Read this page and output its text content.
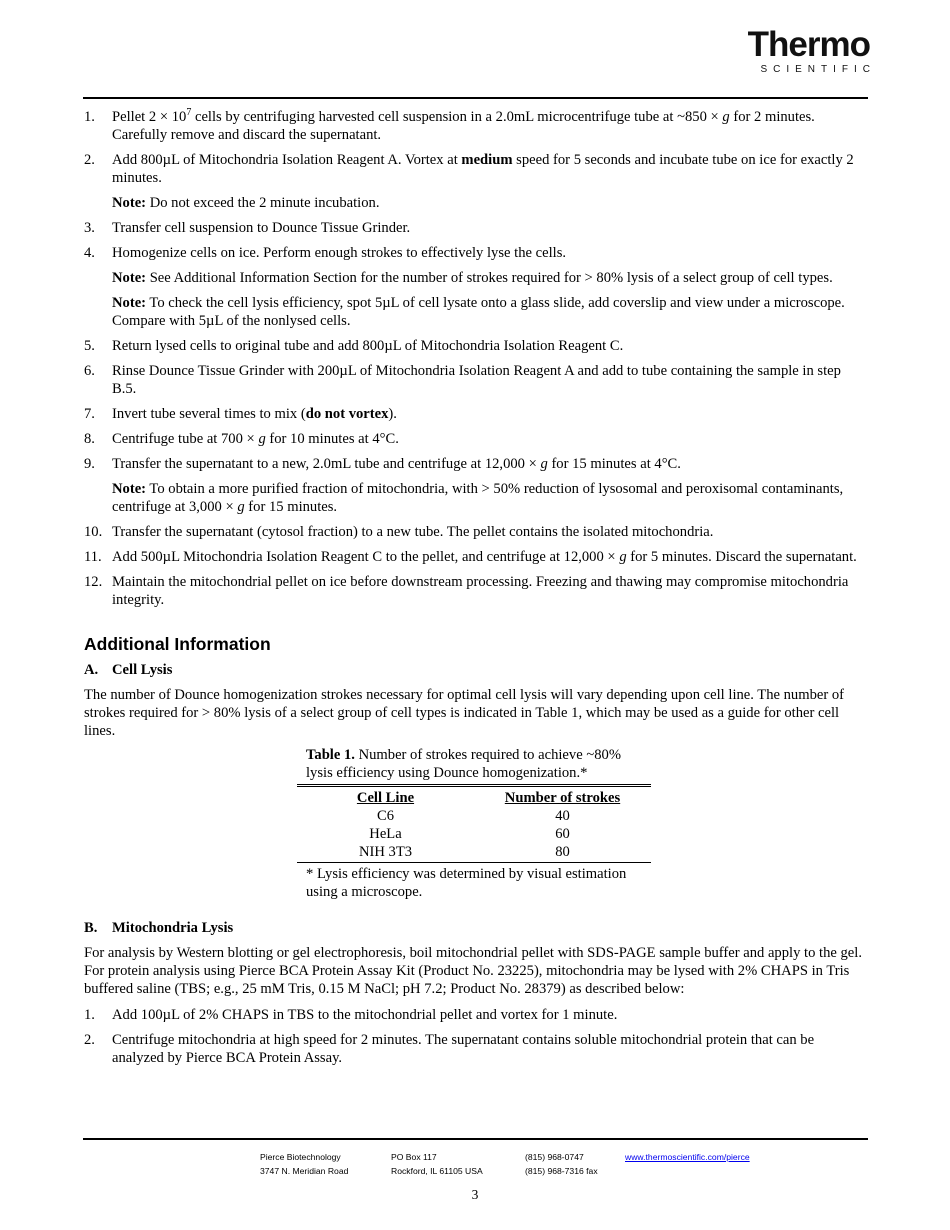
Thermo
SCIENTIFIC
1. Pellet $2 \times 10^7$ cells by centrifuging harvested cell suspension in a 2.0mL microcentrifuge tube at ~850 × g for 2 minutes. Carefully remove and discard the supernatant.
2. Add 800µL of Mitochondria Isolation Reagent A. Vortex at medium speed for 5 seconds and incubate tube on ice for exactly 2 minutes.
Note: Do not exceed the 2 minute incubation.
3. Transfer cell suspension to Dounce Tissue Grinder.
4. Homogenize cells on ice. Perform enough strokes to effectively lyse the cells.
Note: See Additional Information Section for the number of strokes required for > 80% lysis of a select group of cell types.
Note: To check the cell lysis efficiency, spot 5µL of cell lysate onto a glass slide, add coverslip and view under a microscope. Compare with 5µL of the nonlysed cells.
5. Return lysed cells to original tube and add 800µL of Mitochondria Isolation Reagent C.
6. Rinse Dounce Tissue Grinder with 200µL of Mitochondria Isolation Reagent A and add to tube containing the sample in step B.5.
7. Invert tube several times to mix (do not vortex).
8. Centrifuge tube at 700 × g for 10 minutes at 4°C.
9. Transfer the supernatant to a new, 2.0mL tube and centrifuge at 12,000 × g for 15 minutes at 4°C.
Note: To obtain a more purified fraction of mitochondria, with > 50% reduction of lysosomal and peroxisomal contaminants, centrifuge at 3,000 × g for 15 minutes.
10. Transfer the supernatant (cytosol fraction) to a new tube. The pellet contains the isolated mitochondria.
11. Add 500µL Mitochondria Isolation Reagent C to the pellet, and centrifuge at 12,000 × g for 5 minutes. Discard the supernatant.
12. Maintain the mitochondrial pellet on ice before downstream processing. Freezing and thawing may compromise mitochondria integrity.
Additional Information
A. Cell Lysis

The number of Dounce homogenization strokes necessary for optimal cell lysis will vary depending upon cell line. The number of strokes required for > 80% lysis of a select group of cell types is indicated in Table 1, which may be used as a guide for other cell lines.

Table 1. Number of strokes required to achieve ~80% lysis efficiency using Dounce homogenization.*
Cell Line	Number of strokes
C6	40
HeLa	60
NIH 3T3	80
* Lysis efficiency was determined by visual estimation using a microscope.
B. Mitochondria Lysis

For analysis by Western blotting or gel electrophoresis, boil mitochondrial pellet with SDS-PAGE sample buffer and apply to the gel. For protein analysis using Pierce BCA Protein Assay Kit (Product No. 23225), mitochondria may be lysed with 2% CHAPS in Tris buffered saline (TBS; e.g., 25 mM Tris, 0.15 M NaCl; pH 7.2; Product No. 28379) as described below:

1. Add 100µL of 2% CHAPS in TBS to the mitochondrial pellet and vortex for 1 minute.
2. Centrifuge mitochondria at high speed for 2 minutes. The supernatant contains soluble mitochondrial protein that can be analyzed by Pierce BCA Protein Assay.
Pierce Biotechnology
3747 N. Meridian Road
PO Box 117
Rockford, IL 61105 USA
(815) 968-0747
(815) 968-7316 fax
www.thermoscientific.com/pierce
3
